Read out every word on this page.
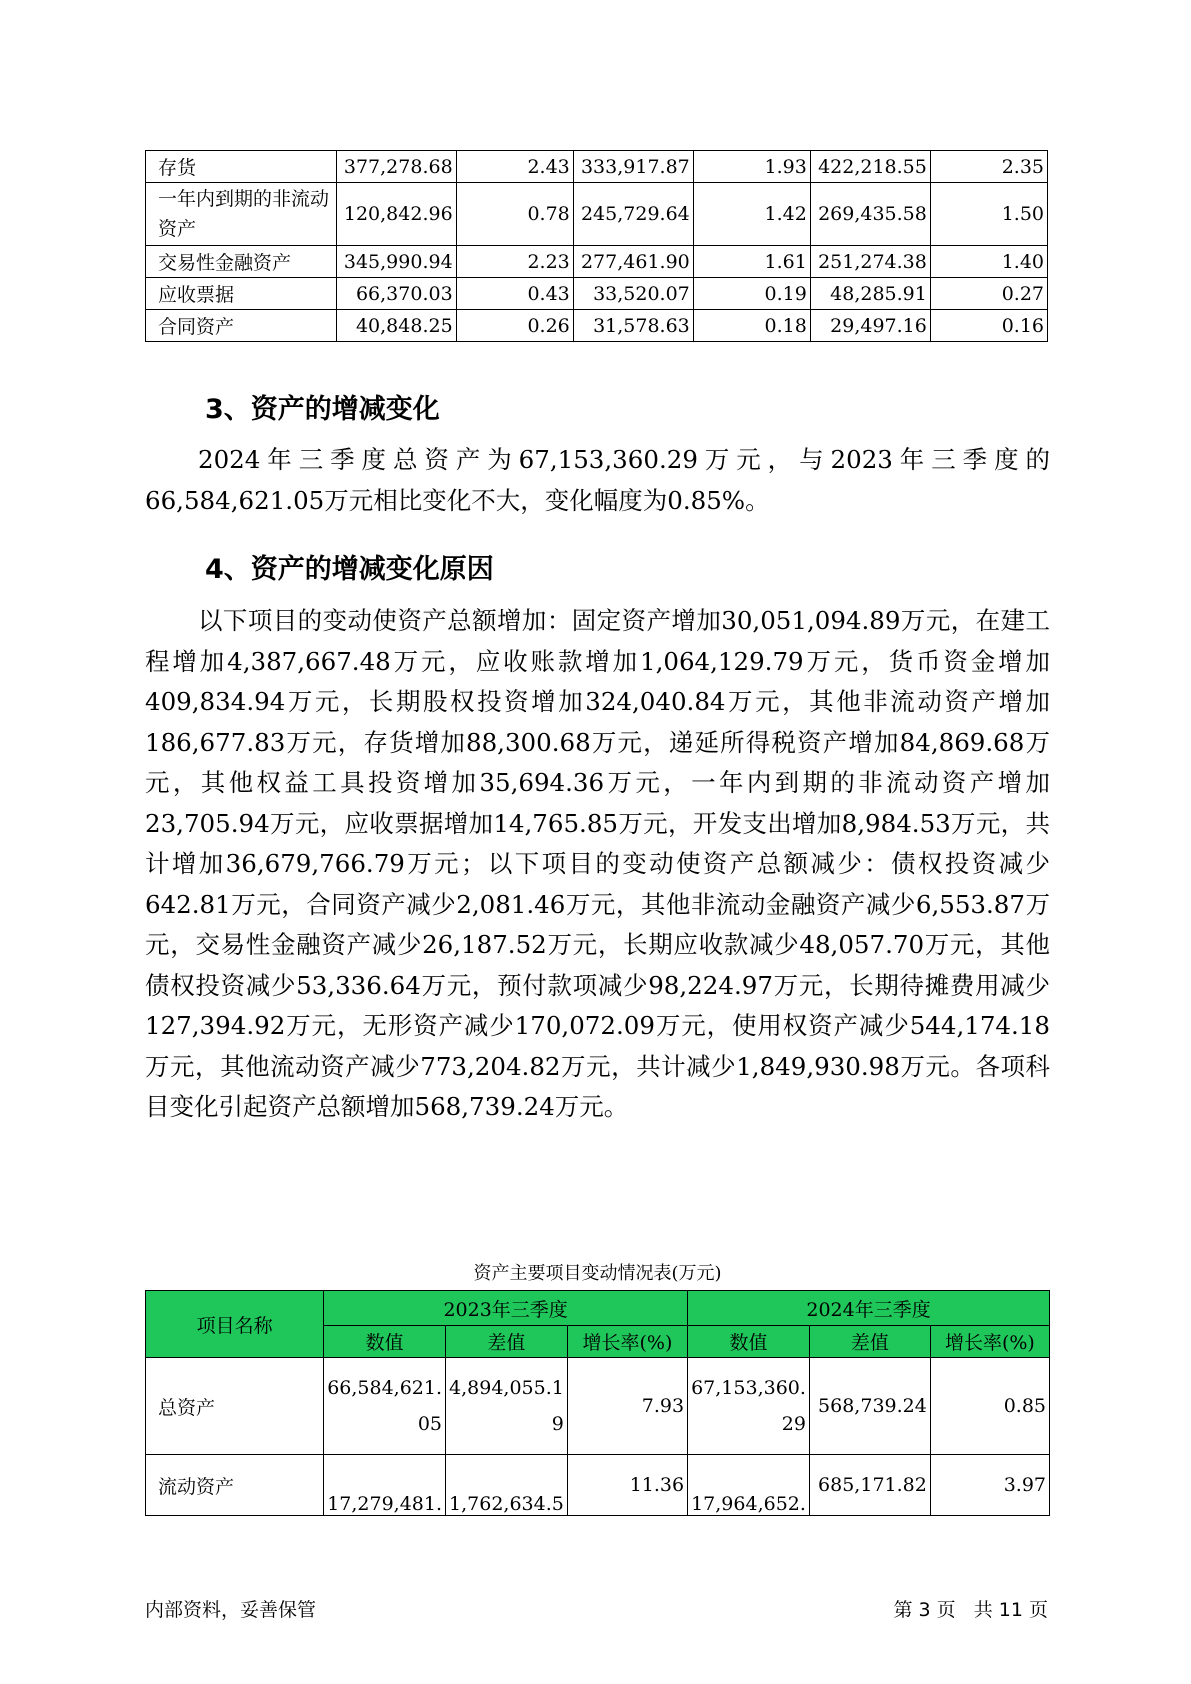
存货	377,278.68	2.43	333,917.87	1.93	422,218.55	2.35
一年内到期的非流动资产	120,842.96	0.78	245,729.64	1.42	269,435.58	1.50
交易性金融资产	345,990.94	2.23	277,461.90	1.61	251,274.38	1.40
应收票据	66,370.03	0.43	33,520.07	0.19	48,285.91	0.27
合同资产	40,848.25	0.26	31,578.63	0.18	29,497.16	0.16
3、资产的增减变化

2024年三季度总资产为67,153,360.29万元，与2023年三季度的66,584,621.05万元相比变化不大，变化幅度为0.85%。

4、资产的增减变化原因

以下项目的变动使资产总额增加：固定资产增加30,051,094.89万元，在建工程增加4,387,667.48万元，应收账款增加1,064,129.79万元，货币资金增加409,834.94万元，长期股权投资增加324,040.84万元，其他非流动资产增加186,677.83万元，存货增加88,300.68万元，递延所得税资产增加84,869.68万元，其他权益工具投资增加35,694.36万元，一年内到期的非流动资产增加23,705.94万元，应收票据增加14,765.85万元，开发支出增加8,984.53万元，共计增加36,679,766.79万元；以下项目的变动使资产总额减少：债权投资减少642.81万元，合同资产减少2,081.46万元，其他非流动金融资产减少6,553.87万元，交易性金融资产减少26,187.52万元，长期应收款减少48,057.70万元，其他债权投资减少53,336.64万元，预付款项减少98,224.97万元，长期待摊费用减少127,394.92万元，无形资产减少170,072.09万元，使用权资产减少544,174.18万元，其他流动资产减少773,204.82万元，共计减少1,849,930.98万元。各项科目变化引起资产总额增加568,739.24万元。

资产主要项目变动情况表(万元)
项目名称	2023年三季度			2024年三季度		
	数值	差值	增长率(%)	数值	差值	增长率(%)
总资产	66,584,621.05	4,894,055.19	7.93	67,153,360.29	568,739.24	0.85
流动资产	17,279,481.	1,762,634.5	11.36	17,964,652.	685,171.82	3.97
内部资料，妥善保管	第 3 页   共 11 页
